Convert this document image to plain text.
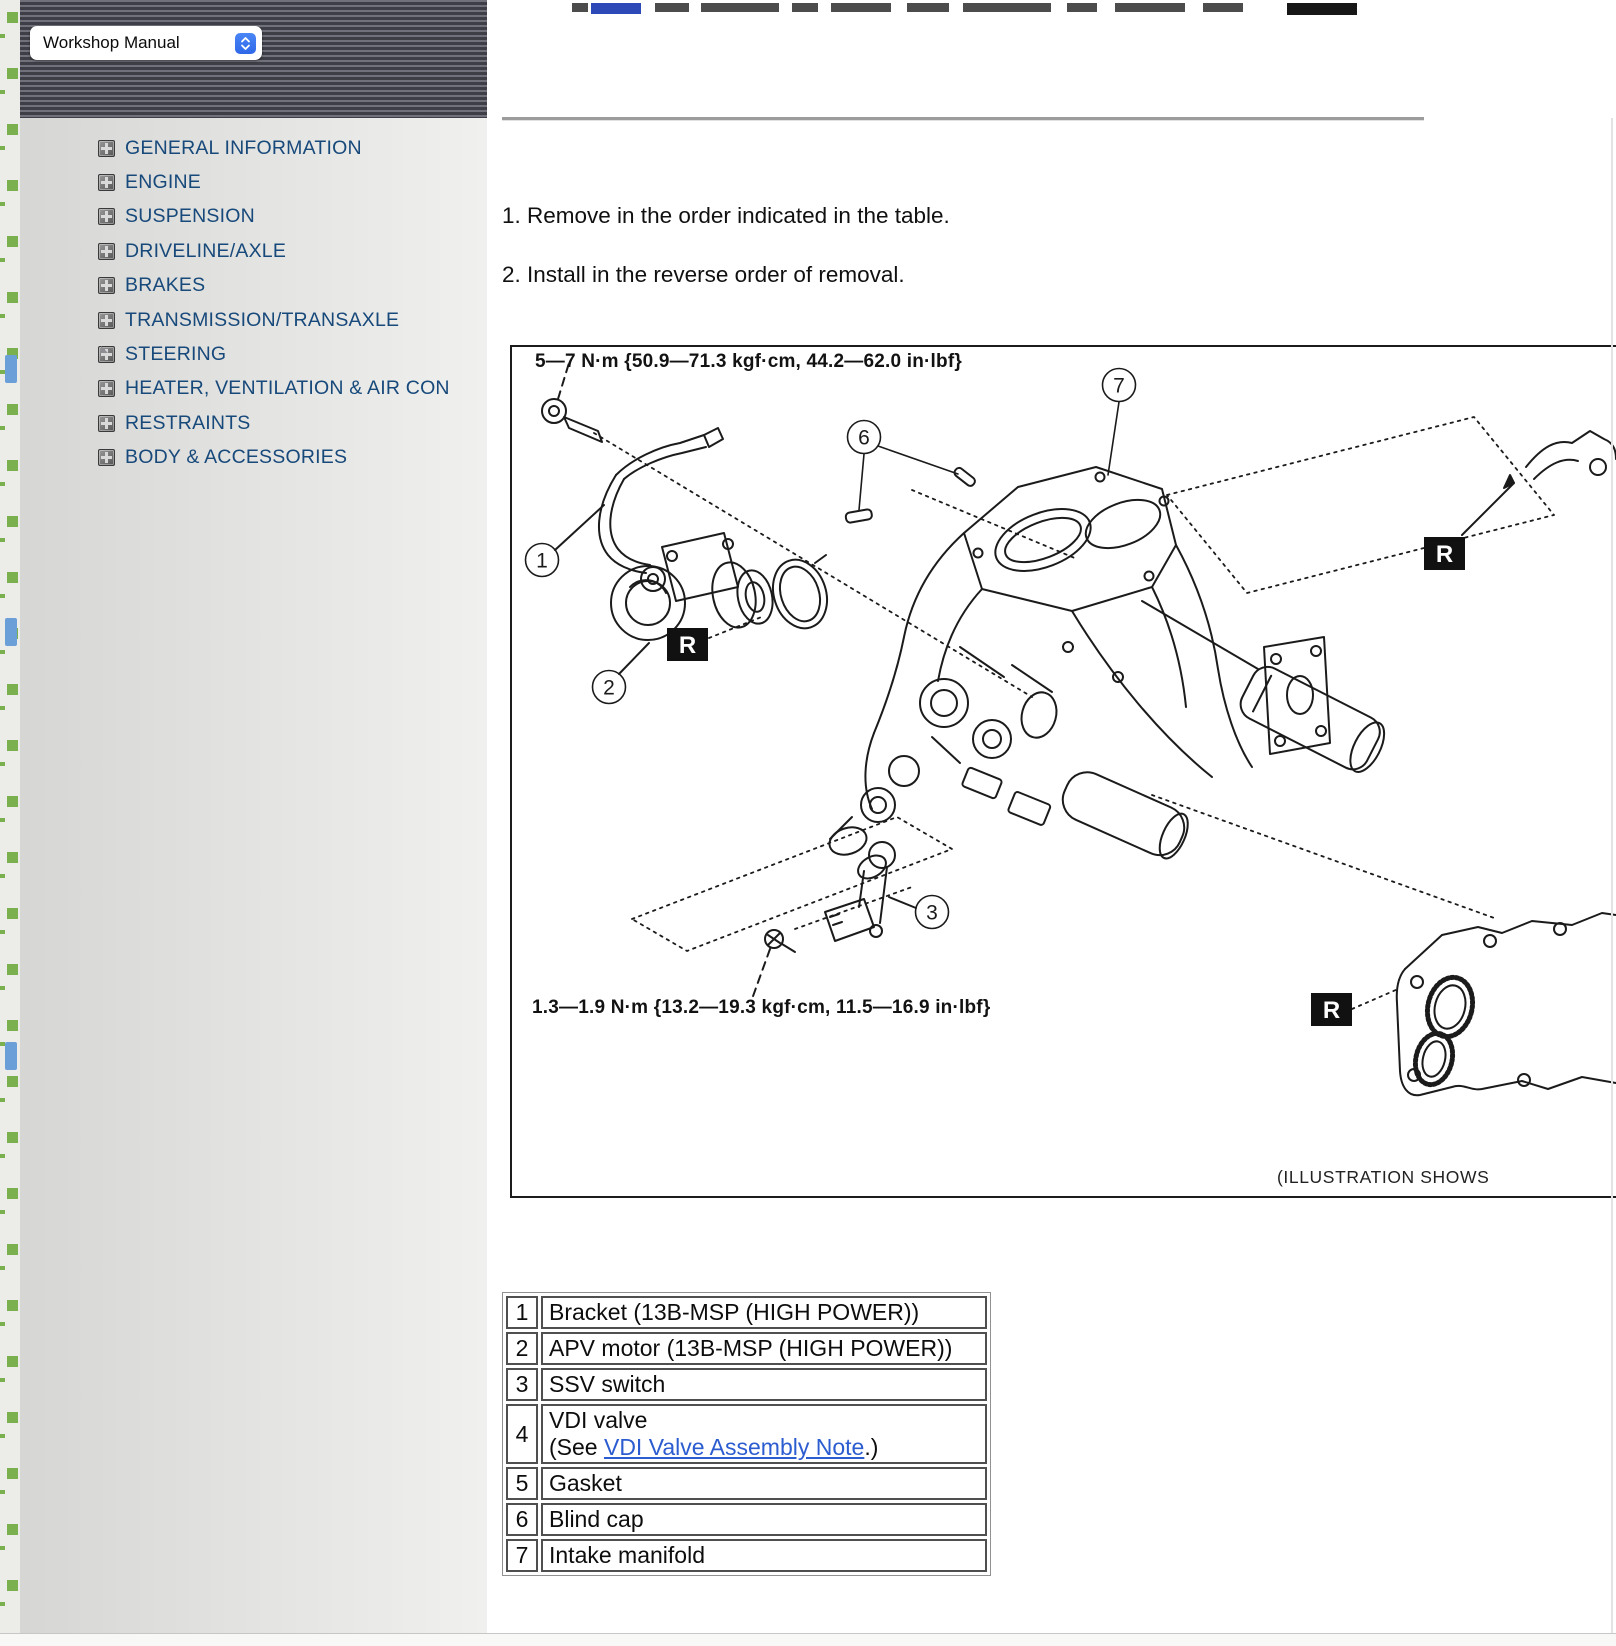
Workshop Manual
GENERAL INFORMATION
ENGINE
SUSPENSION
DRIVELINE/AXLE
BRAKES
TRANSMISSION/TRANSAXLE
STEERING
HEATER, VENTILATION & AIR CON
RESTRAINTS
BODY & ACCESSORIES
1. Remove in the order indicated in the table.
2. Install in the reverse order of removal.
1
2
3
6
7
R
R
R
5—7 N·m {50.9—71.3 kgf·cm, 44.2—62.0 in·lbf}
1.3—1.9 N·m {13.2—19.3 kgf·cm, 11.5—16.9 in·lbf}
(ILLUSTRATION SHOWS
1	Bracket (13B-MSP (HIGH POWER))
2	APV motor (13B-MSP (HIGH POWER))
3	SSV switch
4	VDI valve
(See VDI Valve Assembly Note.)

5	Gasket
6	Blind cap
7	Intake manifold
